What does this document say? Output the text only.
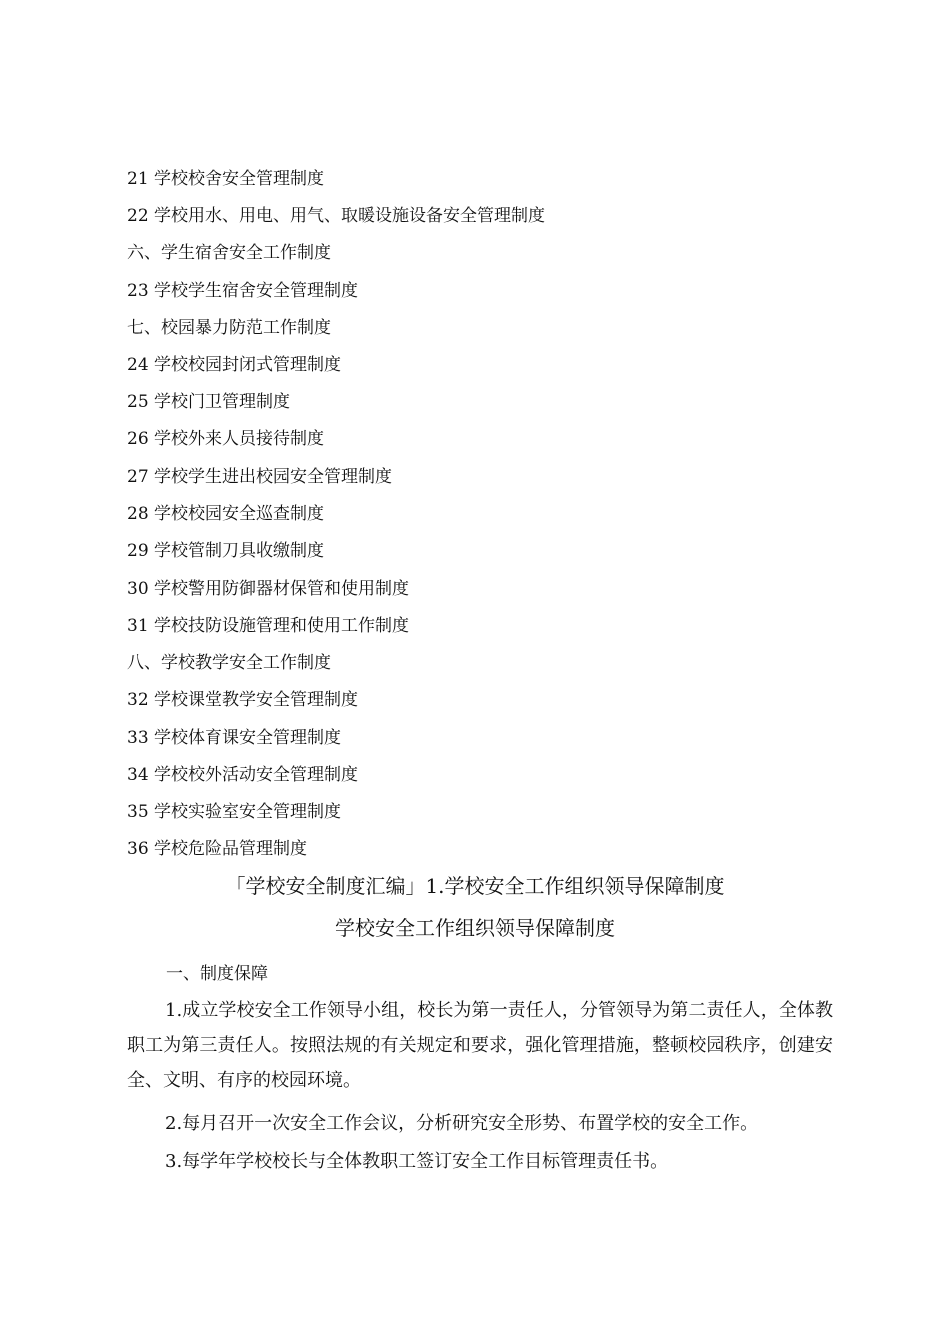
21 学校校舍安全管理制度
22 学校用水、用电、用气、取暖设施设备安全管理制度
六、学生宿舍安全工作制度
23 学校学生宿舍安全管理制度
七、校园暴力防范工作制度
24 学校校园封闭式管理制度
25 学校门卫管理制度
26 学校外来人员接待制度
27 学校学生进出校园安全管理制度
28 学校校园安全巡查制度
29 学校管制刀具收缴制度
30 学校警用防御器材保管和使用制度
31 学校技防设施管理和使用工作制度
八、学校教学安全工作制度
32 学校课堂教学安全管理制度
33 学校体育课安全管理制度
34 学校校外活动安全管理制度
35 学校实验室安全管理制度
36 学校危险品管理制度
「学校安全制度汇编」1.学校安全工作组织领导保障制度
学校安全工作组织领导保障制度
一、制度保障
1.成立学校安全工作领导小组，校长为第一责任人，分管领导为第二责任人，全体教职工为第三责任人。按照法规的有关规定和要求，强化管理措施，整顿校园秩序，创建安全、文明、有序的校园环境。
2.每月召开一次安全工作会议，分析研究安全形势、布置学校的安全工作。
3.每学年学校校长与全体教职工签订安全工作目标管理责任书。
